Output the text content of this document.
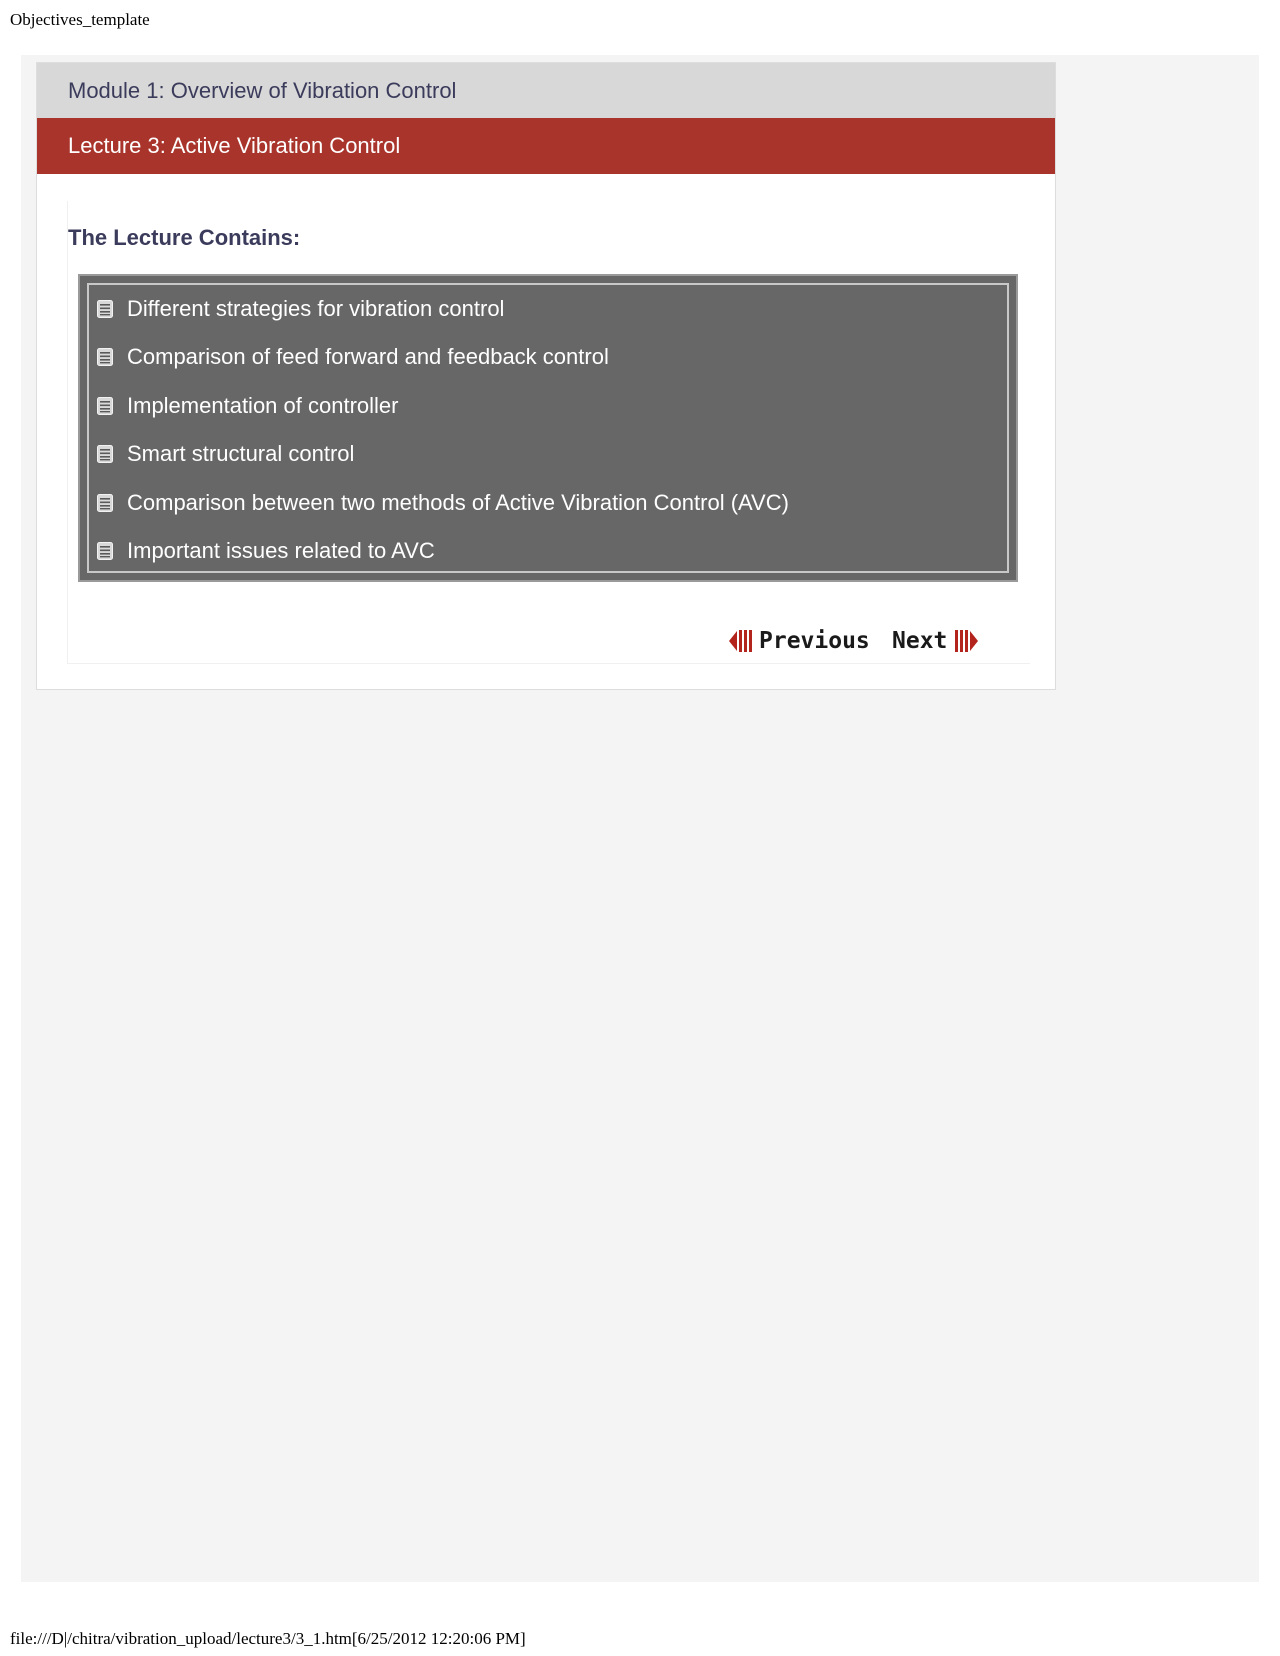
Objectives_template
Module 1: Overview of Vibration Control
Lecture 3: Active Vibration Control
The Lecture Contains:
Different strategies for vibration control
Comparison of feed forward and feedback control
Implementation of controller
Smart structural control
Comparison between two methods of Active Vibration Control (AVC)
Important issues related to AVC
Previous Next
file:///D|/chitra/vibration_upload/lecture3/3_1.htm[6/25/2012 12:20:06 PM]
